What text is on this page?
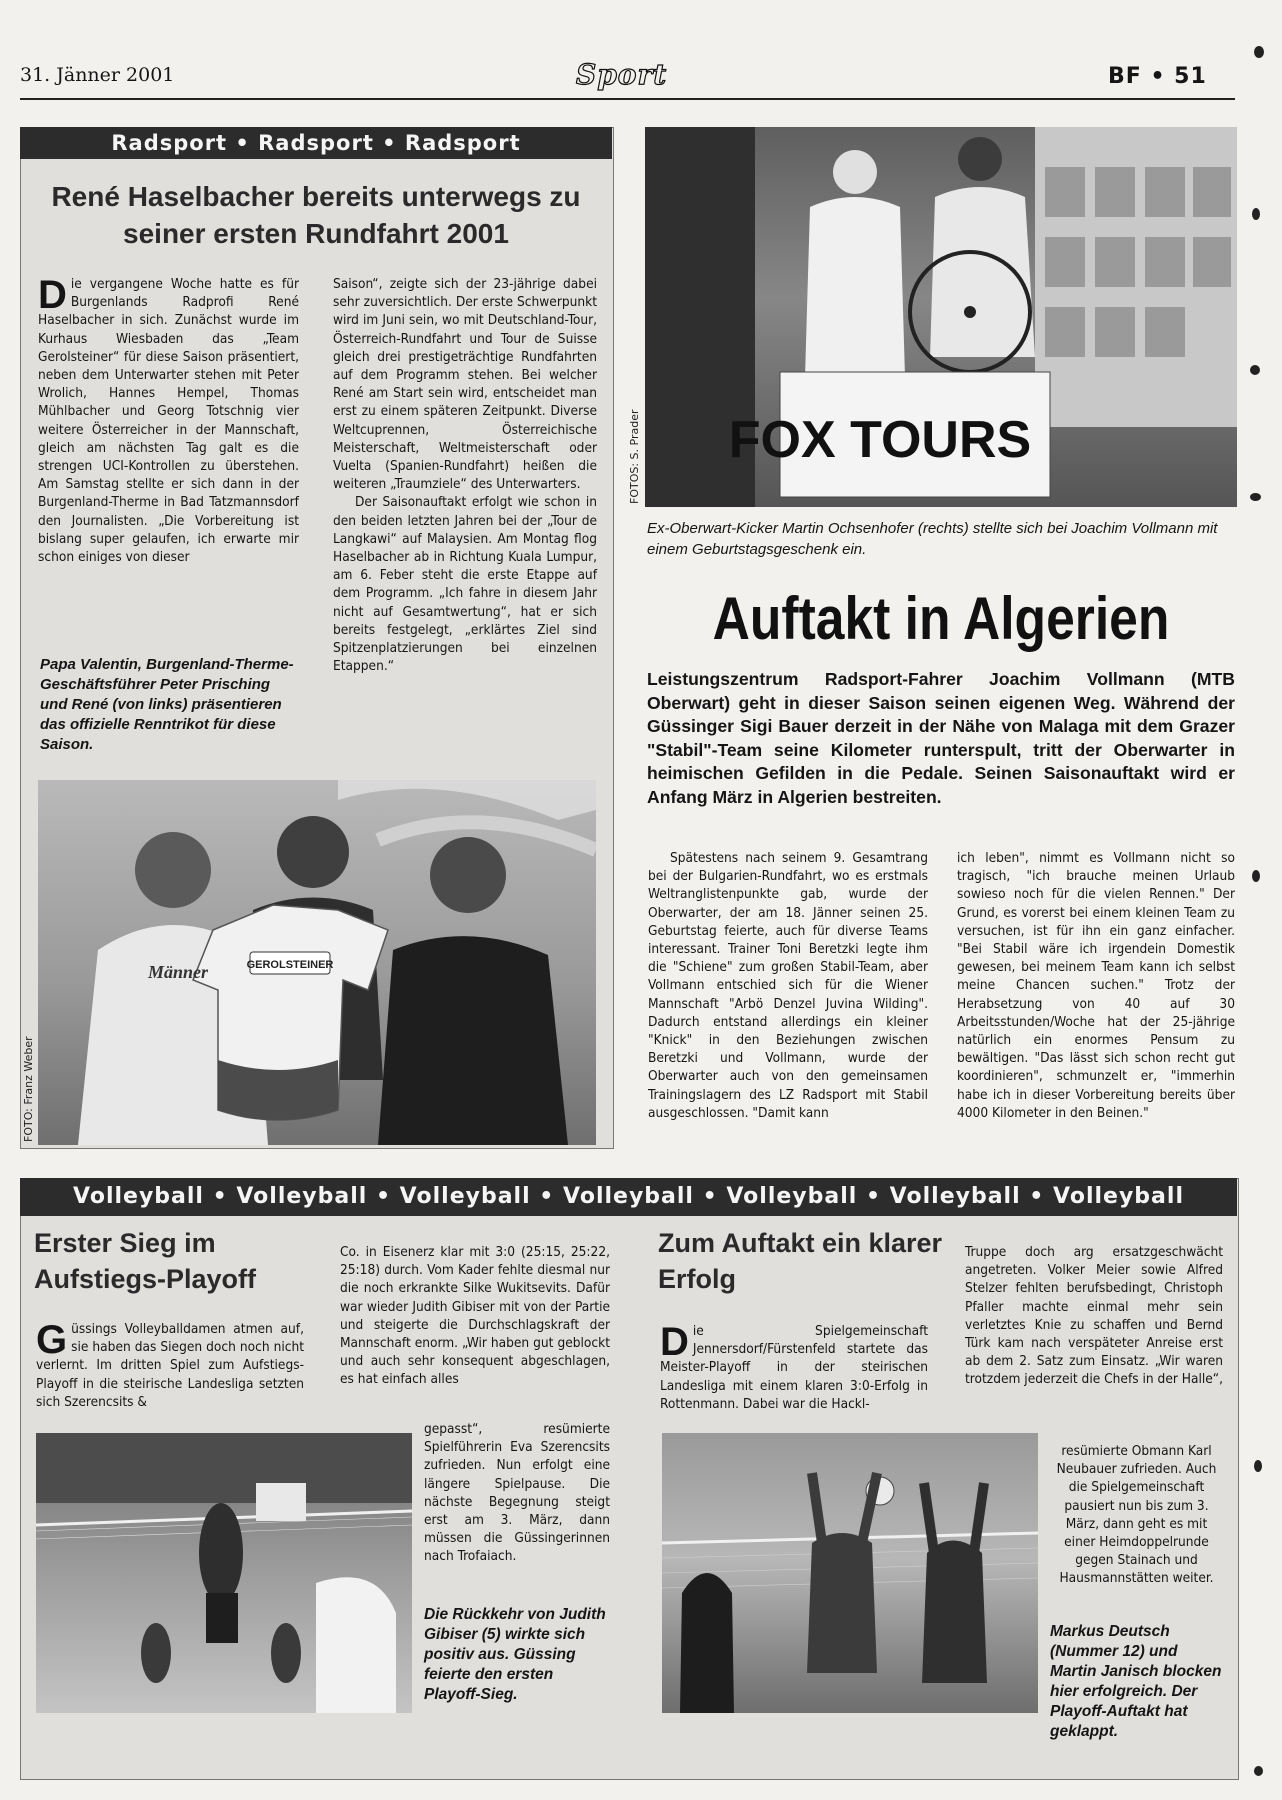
31. Jänner 2001	Sport	BF • 51
Radsport • Radsport • Radsport
René Haselbacher bereits unterwegs zu seiner ersten Rundfahrt 2001
Die vergangene Woche hatte es für Burgenlands Radprofi René Haselbacher in sich. Zunächst wurde im Kurhaus Wiesbaden das „Team Gerolsteiner“ für diese Saison präsentiert, neben dem Unterwarter stehen mit Peter Wrolich, Hannes Hempel, Thomas Mühlbacher und Georg Totschnig vier weitere Österreicher in der Mannschaft, gleich am nächsten Tag galt es die strengen UCI-Kontrollen zu überstehen. Am Samstag stellte er sich dann in der Burgenland-Therme in Bad Tatzmannsdorf den Journalisten. „Die Vorbereitung ist bislang super gelaufen, ich erwarte mir schon einiges von dieser

Saison“, zeigte sich der 23-jährige dabei sehr zuversichtlich. Der erste Schwerpunkt wird im Juni sein, wo mit Deutschland-Tour, Österreich-Rundfahrt und Tour de Suisse gleich drei prestigeträchtige Rundfahrten auf dem Programm stehen. Bei welcher René am Start sein wird, entscheidet man erst zu einem späteren Zeitpunkt. Diverse Weltcuprennen, Österreichische Meisterschaft, Weltmeisterschaft oder Vuelta (Spanien-Rundfahrt) heißen die weiteren „Traumziele“ des Unterwarters.

Der Saisonauftakt erfolgt wie schon in den beiden letzten Jahren bei der „Tour de Langkawi“ auf Malaysien. Am Montag flog Haselbacher ab in Richtung Kuala Lumpur, am 6. Feber steht die erste Etappe auf dem Programm. „Ich fahre in diesem Jahr nicht auf Gesamtwertung“, hat er sich bereits festgelegt, „erklärtes Ziel sind Spitzenplatzierungen bei einzelnen Etappen.“

Papa Valentin, Burgenland-Therme-Geschäftsführer Peter Prisching und René (von links) präsentieren das offizielle Renntrikot für diese Saison.
GEROLSTEINER
Männer
FOTO: Franz Weber
FOX TOURS
FOTOS: S. Prader
Ex-Oberwart-Kicker Martin Ochsenhofer (rechts) stellte sich bei Joachim Vollmann mit einem Geburtstagsgeschenk ein.
Auftakt in Algerien
Leistungszentrum Radsport-Fahrer Joachim Vollmann (MTB Oberwart) geht in dieser Saison seinen eigenen Weg. Während der Güssinger Sigi Bauer derzeit in der Nähe von Malaga mit dem Grazer "Stabil"-Team seine Kilometer runterspult, tritt der Oberwarter in heimischen Gefilden in die Pedale. Seinen Saisonauftakt wird er Anfang März in Algerien bestreiten.

Spätestens nach seinem 9. Gesamtrang bei der Bulgarien-Rundfahrt, wo es erstmals Weltranglistenpunkte gab, wurde der Oberwarter, der am 18. Jänner seinen 25. Geburtstag feierte, auch für diverse Teams interessant. Trainer Toni Beretzki legte ihm die "Schiene" zum großen Stabil-Team, aber Vollmann entschied sich für die Wiener Mannschaft "Arbö Denzel Juvina Wilding". Dadurch entstand allerdings ein kleiner "Knick" in den Beziehungen zwischen Beretzki und Vollmann, wurde der Oberwarter auch von den gemeinsamen Trainingslagern des LZ Radsport mit Stabil ausgeschlossen. "Damit kann

ich leben", nimmt es Vollmann nicht so tragisch, "ich brauche meinen Urlaub sowieso noch für die vielen Rennen." Der Grund, es vorerst bei einem kleinen Team zu versuchen, ist für ihn ein ganz einfacher. "Bei Stabil wäre ich irgendein Domestik gewesen, bei meinem Team kann ich selbst meine Chancen suchen." Trotz der Herabsetzung von 40 auf 30 Arbeitsstunden/Woche hat der 25-jährige natürlich ein enormes Pensum zu bewältigen. "Das lässt sich schon recht gut koordinieren", schmunzelt er, "immerhin habe ich in dieser Vorbereitung bereits über 4000 Kilometer in den Beinen."

Volleyball • Volleyball • Volleyball • Volleyball • Volleyball • Volleyball • Volleyball
Erster Sieg im Aufstiegs-Playoff
Güssings Volleyballdamen atmen auf, sie haben das Siegen doch noch nicht verlernt. Im dritten Spiel zum Aufstiegs-Playoff in die steirische Landesliga setzten sich Szerencsits &

Co. in Eisenerz klar mit 3:0 (25:15, 25:22, 25:18) durch. Vom Kader fehlte diesmal nur die noch erkrankte Silke Wukitsevits. Dafür war wieder Judith Gibiser mit von der Partie und steigerte die Durchschlagskraft der Mannschaft enorm. „Wir haben gut geblockt und auch sehr konsequent abgeschlagen, es hat einfach alles

gepasst“, resümierte Spielführerin Eva Szerencsits zufrieden. Nun erfolgt eine längere Spielpause. Die nächste Begegnung steigt erst am 3. März, dann müssen die Güssingerinnen nach Trofaiach.

Die Rückkehr von Judith Gibiser (5) wirkte sich positiv aus. Güssing feierte den ersten Playoff-Sieg.
Zum Auftakt ein klarer Erfolg
Die Spielgemeinschaft Jennersdorf/Fürstenfeld startete das Meister-Playoff in der steirischen Landesliga mit einem klaren 3:0-Erfolg in Rottenmann. Dabei war die Hackl-

Truppe doch arg ersatzgeschwächt angetreten. Volker Meier sowie Alfred Stelzer fehlten berufsbedingt, Christoph Pfaller machte einmal mehr sein verletztes Knie zu schaffen und Bernd Türk kam nach verspäteter Anreise erst ab dem 2. Satz zum Einsatz. „Wir waren trotzdem jederzeit die Chefs in der Halle“,

resümierte Obmann Karl Neubauer zufrieden. Auch die Spielgemeinschaft pausiert nun bis zum 3. März, dann geht es mit einer Heimdoppelrunde gegen Stainach und Hausmannstätten weiter.

Markus Deutsch (Nummer 12) und Martin Janisch blocken hier erfolgreich. Der Playoff-Auftakt hat geklappt.
